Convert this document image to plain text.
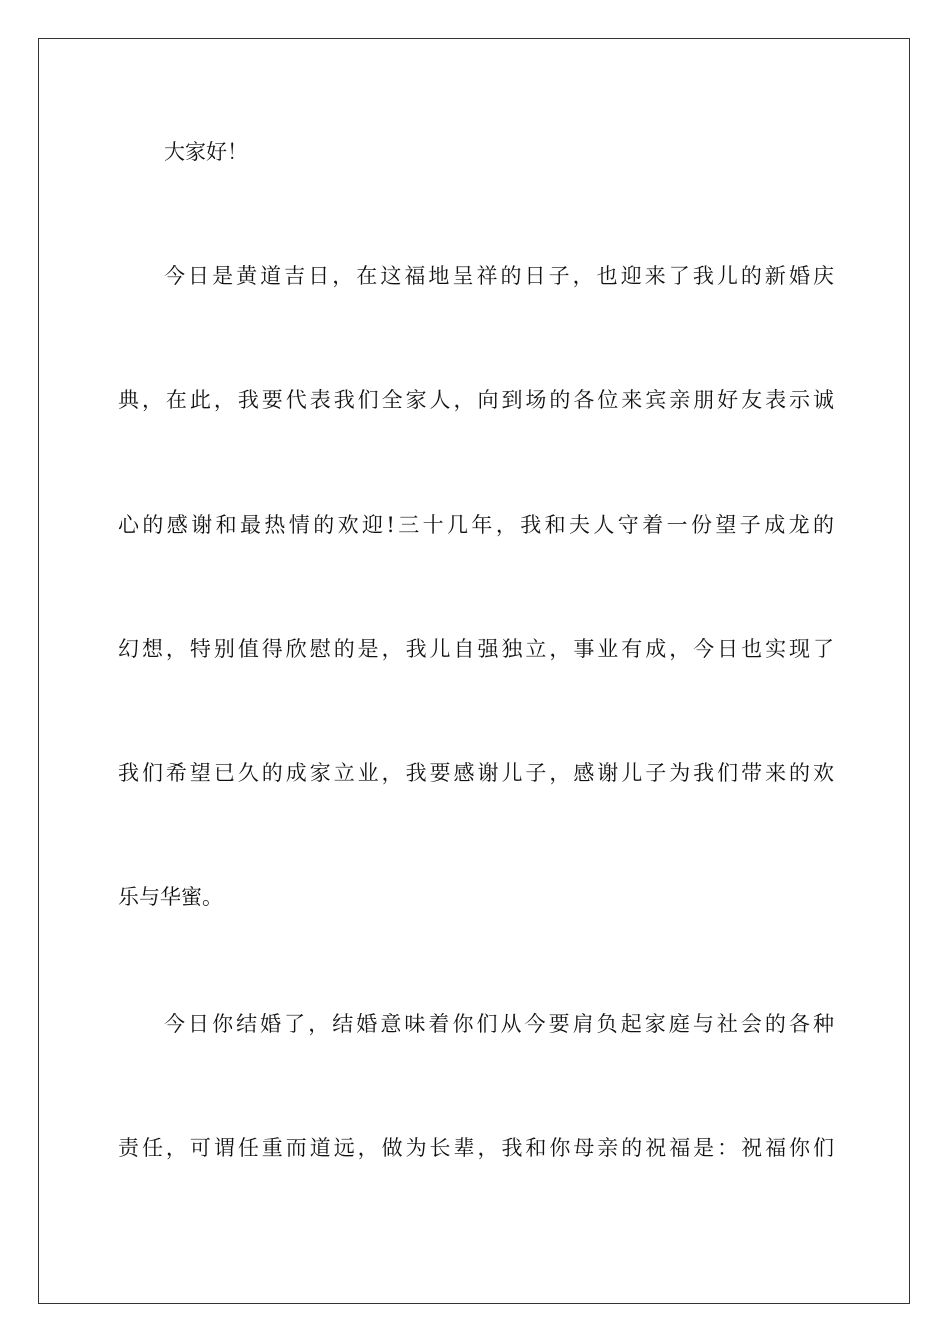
大家好！
今日是黄道吉日，在这福地呈祥的日子，也迎来了我儿的新婚庆
典，在此，我要代表我们全家人，向到场的各位来宾亲朋好友表示诚
心的感谢和最热情的欢迎!三十几年，我和夫人守着一份望子成龙的
幻想，特别值得欣慰的是，我儿自强独立，事业有成，今日也实现了
我们希望已久的成家立业，我要感谢儿子，感谢儿子为我们带来的欢
乐与华蜜。
今日你结婚了，结婚意味着你们从今要肩负起家庭与社会的各种
责任，可谓任重而道远，做为长辈，我和你母亲的祝福是：祝福你们
